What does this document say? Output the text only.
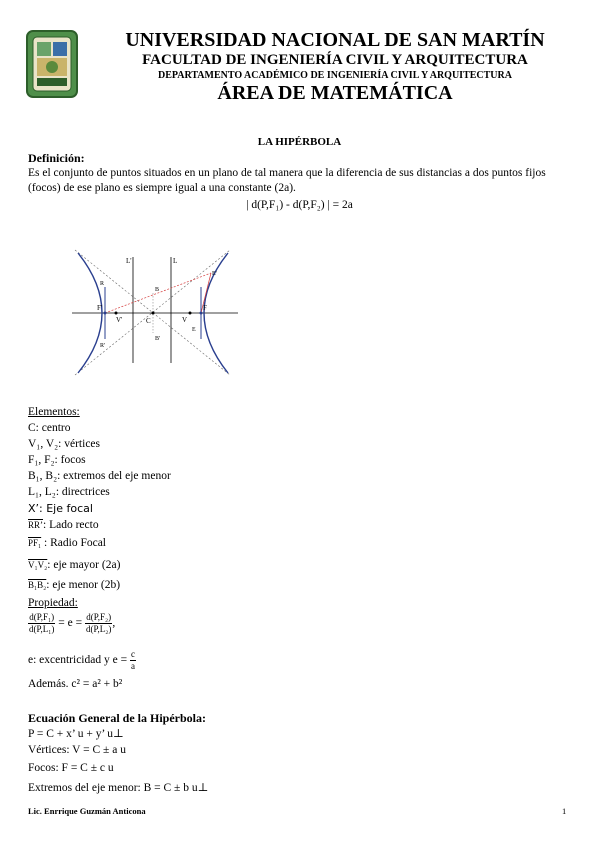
UNIVERSIDAD NACIONAL DE SAN MARTÍN
FACULTAD DE INGENIERÍA CIVIL Y ARQUITECTURA
DEPARTAMENTO ACADÉMICO DE INGENIERÍA CIVIL Y ARQUITECTURA
ÁREA DE MATEMÁTICA
LA HIPÉRBOLA
Definición:
Es el conjunto de puntos situados en un plano de tal manera que la diferencia de sus distancias a dos puntos fijos (focos) de ese plano es siempre igual a una constante (2a).
| d(P,F₁) - d(P,F₂) | = 2a
L'	L
C
V'	V
F'	F
B
B'
E
E'
R
R'
Elementos:
C: centro
V₁, V₂: vértices
F₁, F₂: focos
B₁, B₂: extremos del eje menor
L₁, L₂: directrices
X’: Eje focal
RR’: Lado recto
PF₁ : Radio Focal
V₁V₂: eje mayor (2a)
B₁B₂: eje menor (2b)
Propiedad:
$\frac{\text{d(P,F₁)}}{\text{d(P,L₁)}} = e = \frac{\text{d(P,F₂)}}{\text{d(P,L₂)}}$ ,
e: excentricidad y $e = \frac{c}{a}$
Además. c² = a² + b²
Ecuación General de la Hipérbola:
P = C + x’ u + y’ u⊥
Vértices: V = C ± a u
Focos: F = C ± c u
Extremos del eje menor: B = C ± b u⊥
Lic. Enrrique Guzmán Anticona	1
